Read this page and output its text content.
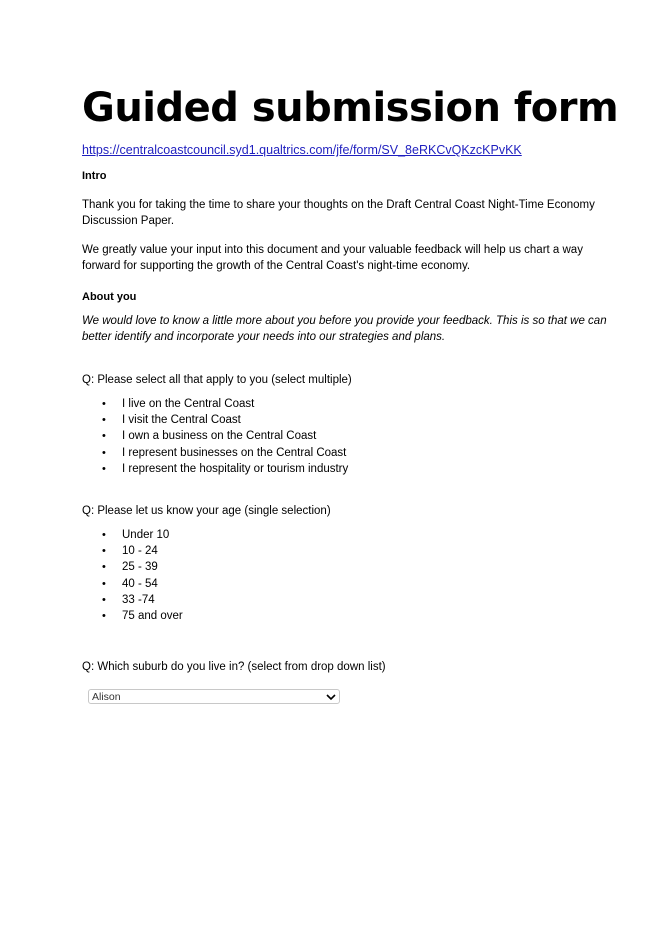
Guided submission form
https://centralcoastcouncil.syd1.qualtrics.com/jfe/form/SV_8eRKCvQKzcKPvKK
Intro
Thank you for taking the time to share your thoughts on the Draft Central Coast Night-Time Economy Discussion Paper.
We greatly value your input into this document and your valuable feedback will help us chart a way forward for supporting the growth of the Central Coast's night-time economy.
About you
We would love to know a little more about you before you provide your feedback. This is so that we can better identify and incorporate your needs into our strategies and plans.
Q: Please select all that apply to you (select multiple)
• I live on the Central Coast
• I visit the Central Coast
• I own a business on the Central Coast
• I represent businesses on the Central Coast
• I represent the hospitality or tourism industry
Q: Please let us know your age (single selection)
• Under 10
• 10 - 24
• 25 - 39
• 40 - 54
• 33 -74
• 75 and over
Q: Which suburb do you live in? (select from drop down list)
Alison
